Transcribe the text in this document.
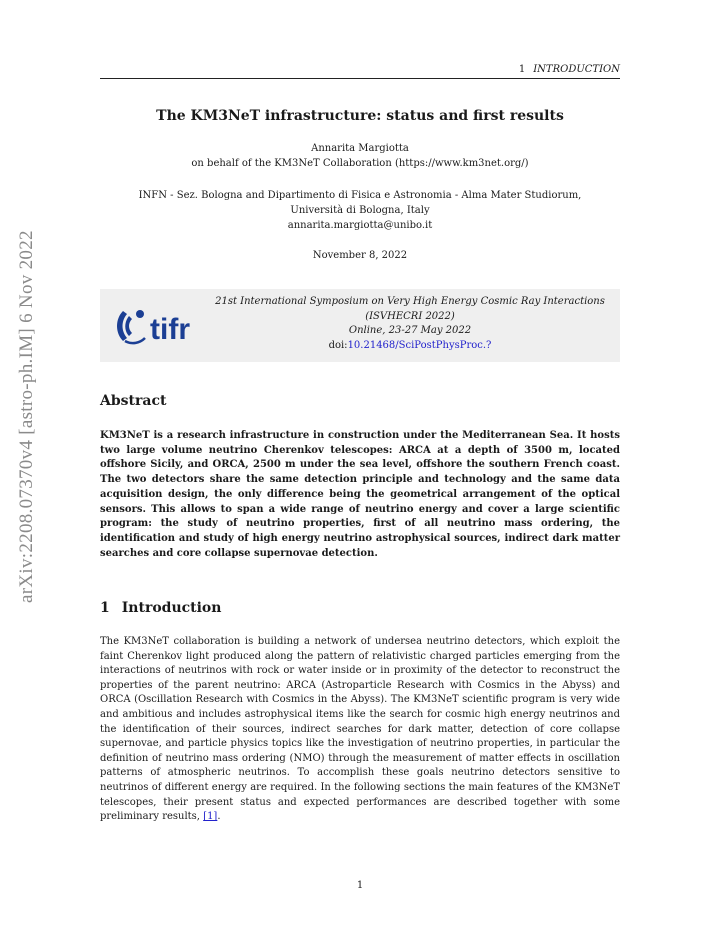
arXiv:2208.07370v4 [astro-ph.IM] 6 Nov 2022
1 INTRODUCTION
The KM3NeT infrastructure: status and first results
Annarita Margiotta
on behalf of the KM3NeT Collaboration (https://www.km3net.org/)
INFN - Sez. Bologna and Dipartimento di Fisica e Astronomia - Alma Mater Studiorum,
Università di Bologna, Italy
annarita.margiotta@unibo.it
November 8, 2022
tifr
21st International Symposium on Very High Energy Cosmic Ray Interactions
(ISVHECRI 2022)
Online, 23-27 May 2022
doi:10.21468/SciPostPhysProc.?
Abstract

KM3NeT is a research infrastructure in construction under the Mediterranean Sea. It hosts two large volume neutrino Cherenkov telescopes: ARCA at a depth of 3500 m, located offshore Sicily, and ORCA, 2500 m under the sea level, offshore the southern French coast. The two detectors share the same detection principle and technology and the same data acquisition design, the only difference being the geometrical arrangement of the optical sensors. This allows to span a wide range of neutrino energy and cover a large scientific program: the study of neutrino properties, first of all neutrino mass ordering, the identification and study of high energy neutrino astrophysical sources, indirect dark matter searches and core collapse supernovae detection.

1 Introduction

The KM3NeT collaboration is building a network of undersea neutrino detectors, which exploit the faint Cherenkov light produced along the pattern of relativistic charged particles emerging from the interactions of neutrinos with rock or water inside or in proximity of the detector to reconstruct the properties of the parent neutrino: ARCA (Astroparticle Research with Cosmics in the Abyss) and ORCA (Oscillation Research with Cosmics in the Abyss). The KM3NeT scientific program is very wide and ambitious and includes astrophysical items like the search for cosmic high energy neutrinos and the identification of their sources, indirect searches for dark matter, detection of core collapse supernovae, and particle physics topics like the investigation of neutrino properties, in particular the definition of neutrino mass ordering (NMO) through the measurement of matter effects in oscillation patterns of atmospheric neutrinos. To accomplish these goals neutrino detectors sensitive to neutrinos of different energy are required. In the following sections the main features of the KM3NeT telescopes, their present status and expected performances are described together with some preliminary results, [1].

1
